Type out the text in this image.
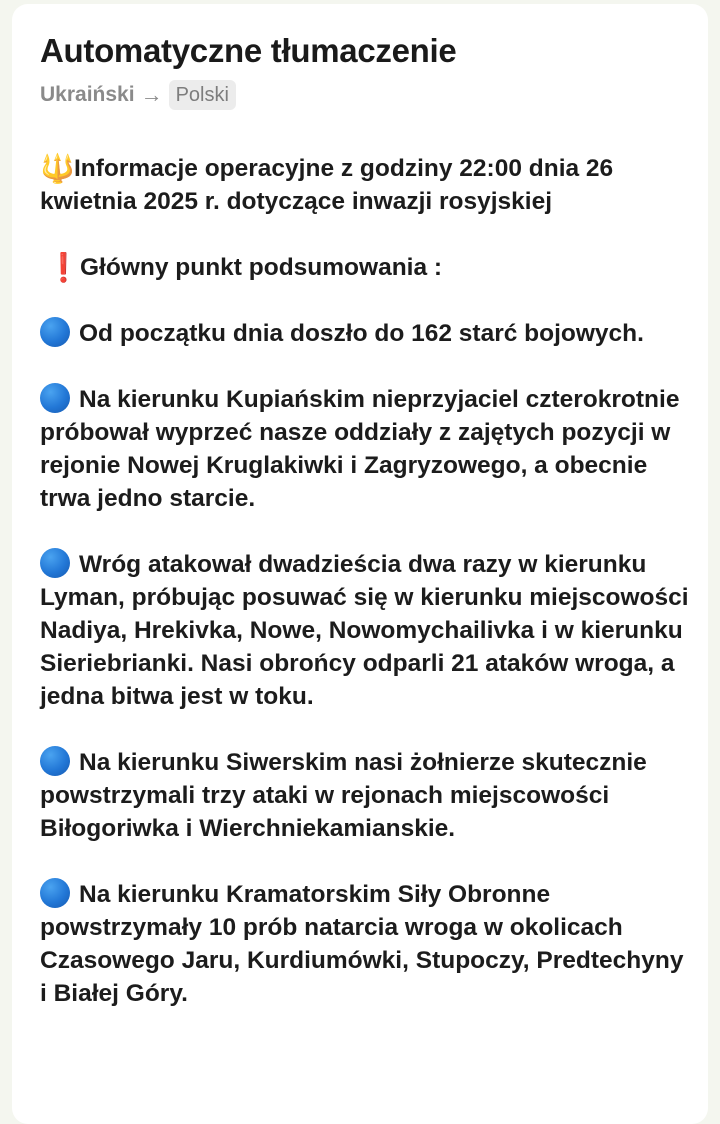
Automatyczne tłumaczenie
Ukraiński → Polski

🔱Informacje operacyjne z godziny 22:00 dnia 26 kwietnia 2025 r. dotyczące inwazji rosyjskiej

❗Główny punkt podsumowania :

Od początku dnia doszło do 162 starć bojowych.

Na kierunku Kupiańskim nieprzyjaciel czterokrotnie próbował wyprzeć nasze oddziały z zajętych pozycji w rejonie Nowej Kruglakiwki i Zagryzowego, a obecnie trwa jedno starcie.

Wróg atakował dwadzieścia dwa razy w kierunku Lyman, próbując posuwać się w kierunku miejscowości Nadiya, Hrekivka, Nowe, Nowomychailivka i w kierunku Sieriebrianki. Nasi obrońcy odparli 21 ataków wroga, a jedna bitwa jest w toku.

Na kierunku Siwerskim nasi żołnierze skutecznie powstrzymali trzy ataki w rejonach miejscowości Biłogoriwka i Wierchniekamianskie.

Na kierunku Kramatorskim Siły Obronne powstrzymały 10 prób natarcia wroga w okolicach Czasowego Jaru, Kurdiumówki, Stupoczy, Predtechyny i Białej Góry.
